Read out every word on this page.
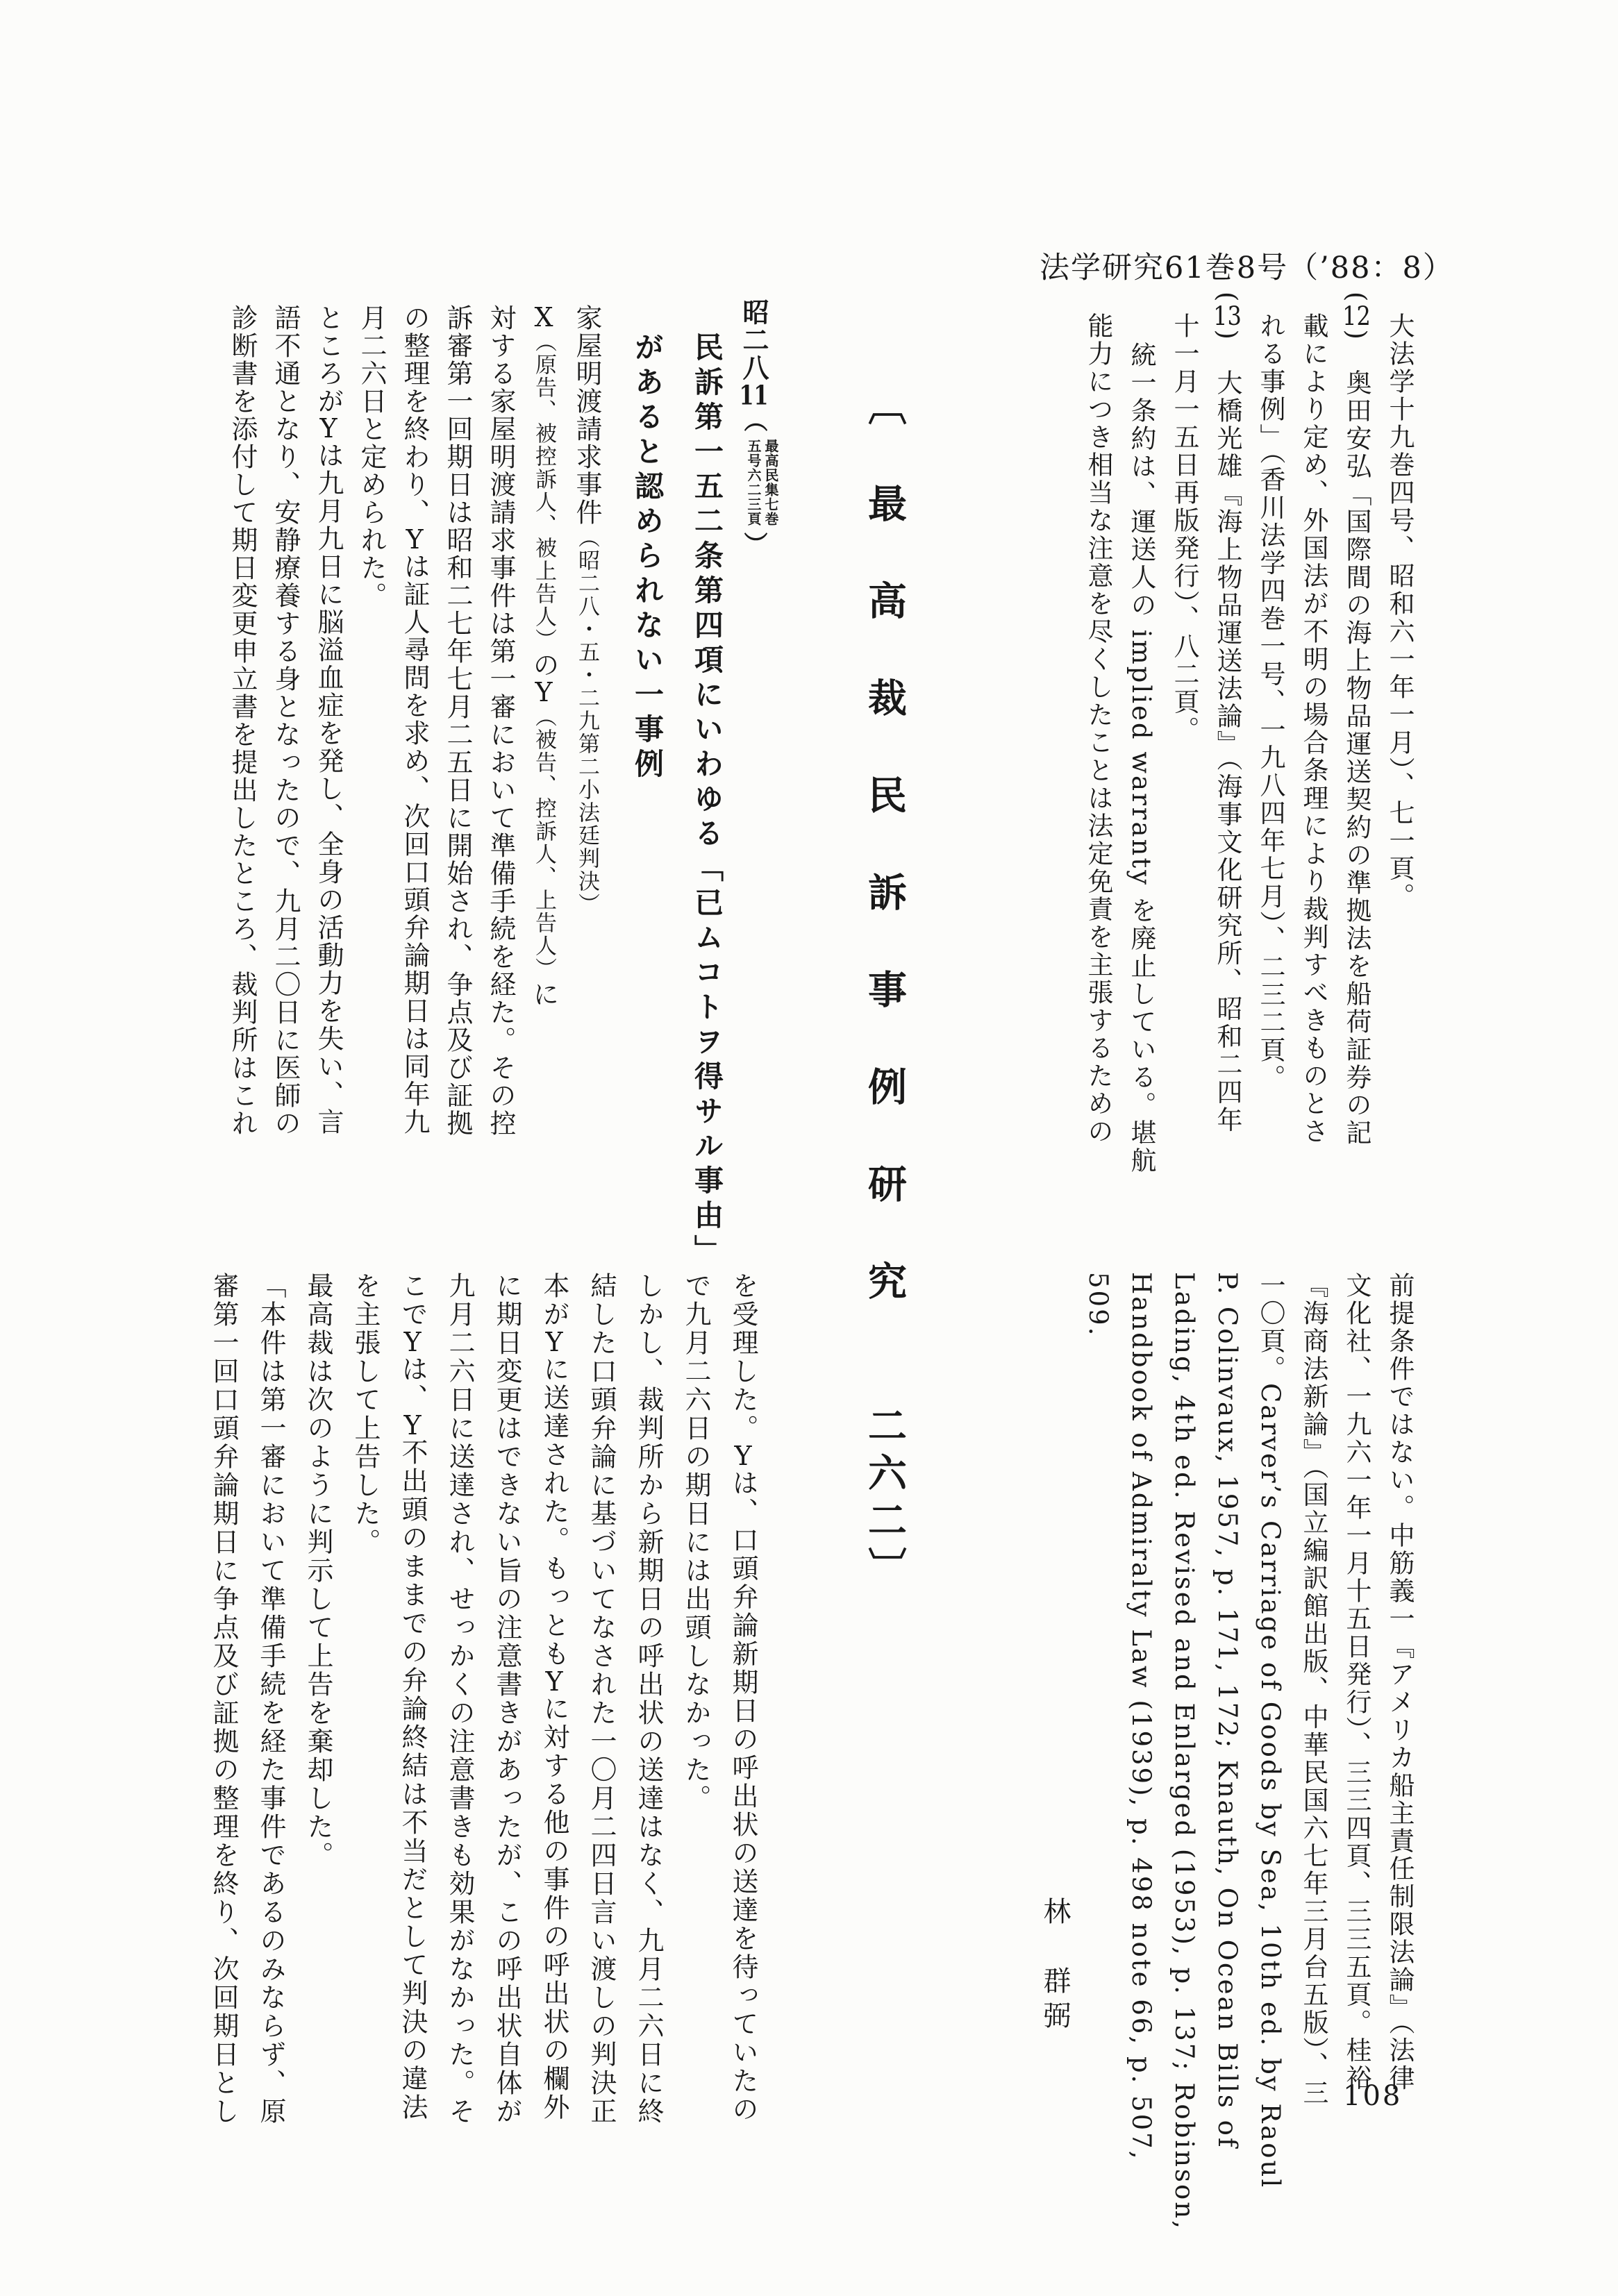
法学研究61巻8号（’88：8）
大法学十九巻四号、昭和六一年一月）、七一頁。
(12)　奥田安弘「国際間の海上物品運送契約の準拠法を船荷証券の記
載により定め、外国法が不明の場合条理により裁判すべきものとさ
れる事例」（香川法学四巻一号、一九八四年七月）、二三二頁。
(13)　大橋光雄『海上物品運送法論』（海事文化研究所、昭和二四年
十一月一五日再版発行）、八二頁。
統一条約は、運送人の implied warranty を廃止している。堪航
能力につき相当な注意を尽くしたことは法定免責を主張するための
前提条件ではない。中筋義一『アメリカ船主責任制限法論』（法律
文化社、一九六一年一月十五日発行）、三三四頁、三三五頁。桂裕
『海商法新論』（国立編訳館出版、中華民国六七年三月台五版）、三
一〇頁。Carver’s Carriage of Goods by Sea, 10th ed. by Raoul
P. Colinvaux, 1957, p. 171, 172; Knauth, On Ocean Bills of
Lading, 4th ed. Revised and Enlarged (1953), p. 137; Robinson,
Handbook of Admiralty Law (1939), p. 498 note 66, p. 507,
509.
林　群弼
〔最高裁民訴事例研究　二六二〕
昭二八11（
最高民集七巻
五号六二三頁
）
民訴第一五二条第四項にいわゆる「已ムコトヲ得サル事由」
があると認められない一事例
家屋明渡請求事件（昭二八・五・二九第二小法廷判決）
X（原告、被控訴人、被上告人）のY（被告、控訴人、上告人）に
対する家屋明渡請求事件は第一審において準備手続を経た。その控
訴審第一回期日は昭和二七年七月二五日に開始され、争点及び証拠
の整理を終わり、Yは証人尋問を求め、次回口頭弁論期日は同年九
月二六日と定められた。
ところがYは九月九日に脳溢血症を発し、全身の活動力を失い、言
語不通となり、安静療養する身となったので、九月二〇日に医師の
診断書を添付して期日変更申立書を提出したところ、裁判所はこれ
を受理した。Yは、口頭弁論新期日の呼出状の送達を待っていたの
で九月二六日の期日には出頭しなかった。
しかし、裁判所から新期日の呼出状の送達はなく、九月二六日に終
結した口頭弁論に基づいてなされた一〇月二四日言い渡しの判決正
本がYに送達された。もっともYに対する他の事件の呼出状の欄外
に期日変更はできない旨の注意書きがあったが、この呼出状自体が
九月二六日に送達され、せっかくの注意書きも効果がなかった。そ
こでYは、Y不出頭のままでの弁論終結は不当だとして判決の違法
を主張して上告した。
最高裁は次のように判示して上告を棄却した。
「本件は第一審において準備手続を経た事件であるのみならず、原
審第一回口頭弁論期日に争点及び証拠の整理を終り、次回期日とし	108
